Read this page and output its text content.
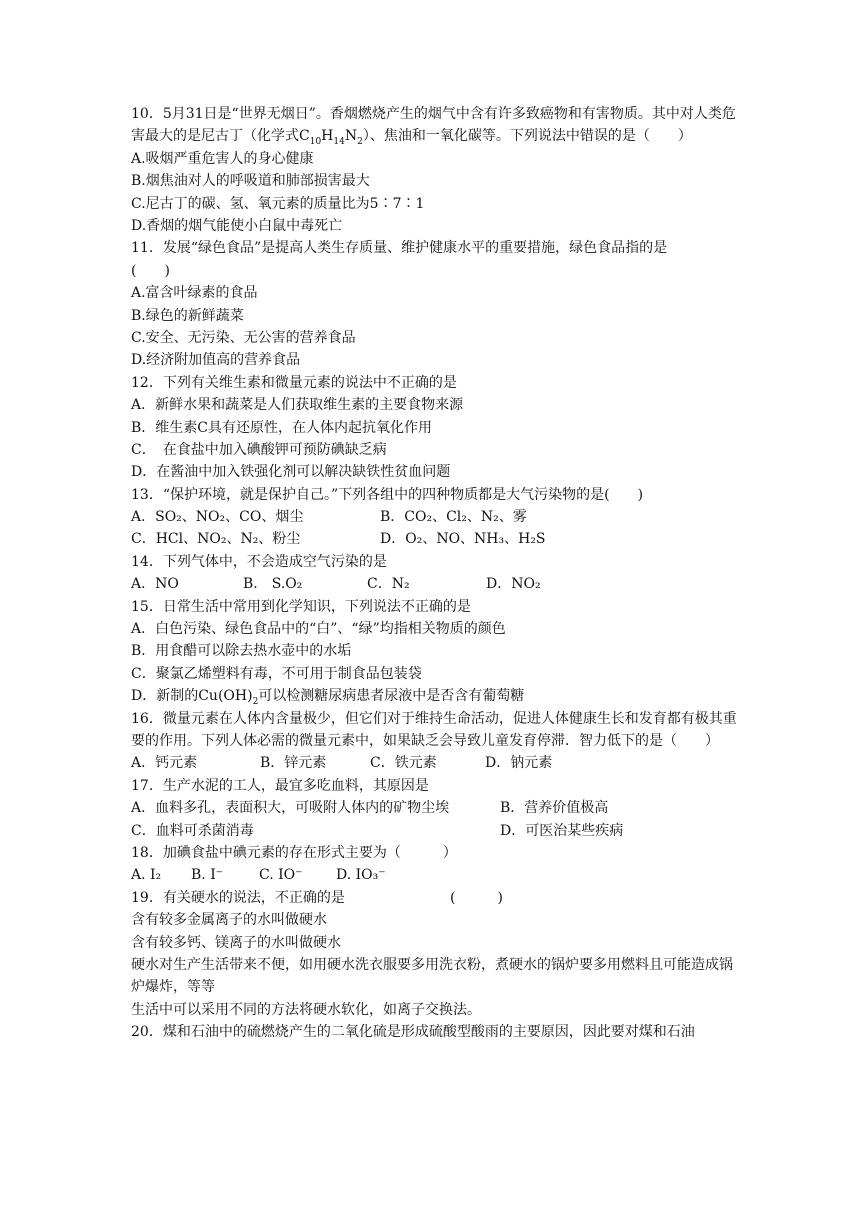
10．5月31日是“世界无烟日”。香烟燃烧产生的烟气中含有许多致癌物和有害物质。其中对人类危害最大的是尼古丁（化学式$C_{10}H_{14}N_2$）、焦油和一氧化碳等。下列说法中错误的是（　　）
A.吸烟严重危害人的身心健康
B.烟焦油对人的呼吸道和肺部损害最大
C.尼古丁的碳、氢、氧元素的质量比为5∶7∶1
D.香烟的烟气能使小白鼠中毒死亡
11．发展“绿色食品”是提高人类生存质量、维护健康水平的重要措施，绿色食品指的是
(　　)
A.富含叶绿素的食品
B.绿色的新鲜蔬菜
C.安全、无污染、无公害的营养食品
D.经济附加值高的营养食品
12．下列有关维生素和微量元素的说法中不正确的是
A．新鲜水果和蔬菜是人们获取维生素的主要食物来源
B．维生素C具有还原性，在人体内起抗氧化作用
C．　在食盐中加入碘酸钾可预防碘缺乏病
D．在酱油中加入铁强化剂可以解决缺铁性贫血问题
13．“保护环境，就是保护自己。”下列各组中的四种物质都是大气污染物的是(　　)
A．SO₂、NO₂、CO、烟尘	B．CO₂、Cl₂、N₂、雾
C．HCl、NO₂、N₂、粉尘	D．O₂、NO、NH₃、H₂S
14．下列气体中，不会造成空气污染的是
A．NO	B.　S.O₂	C．N₂	D．NO₂
15．日常生活中常用到化学知识，下列说法不正确的是
A．白色污染、绿色食品中的“白”、“绿”均指相关物质的颜色
B．用食醋可以除去热水壶中的水垢
C．聚氯乙烯塑料有毒，不可用于制食品包装袋
D．新制的$Cu(OH)_2$可以检测糖尿病患者尿液中是否含有葡萄糖
16．微量元素在人体内含量极少，但它们对于维持生命活动，促进人体健康生长和发育都有极其重要的作用。下列人体必需的微量元素中，如果缺乏会导致儿童发育停滞．智力低下的是（　　）
A．钙元素	B．锌元素	C．铁元素	D．钠元素
17．生产水泥的工人，最宜多吃血料，其原因是
A．血料多孔，表面积大，可吸附人体内的矿物尘埃	B．营养价值极高
C．血料可杀菌消毒	D．可医治某些疾病
18．加碘食盐中碘元素的存在形式主要为（　　　）
A. I₂ B. I⁻	C. IO⁻ D. IO₃⁻
19．有关硬水的说法，不正确的是	(　　　)
含有较多金属离子的水叫做硬水
含有较多钙、镁离子的水叫做硬水
硬水对生产生活带来不便，如用硬水洗衣服要多用洗衣粉，煮硬水的锅炉要多用燃料且可能造成锅炉爆炸，等等
生活中可以采用不同的方法将硬水软化，如离子交换法。
20．煤和石油中的硫燃烧产生的二氧化硫是形成硫酸型酸雨的主要原因，因此要对煤和石油
